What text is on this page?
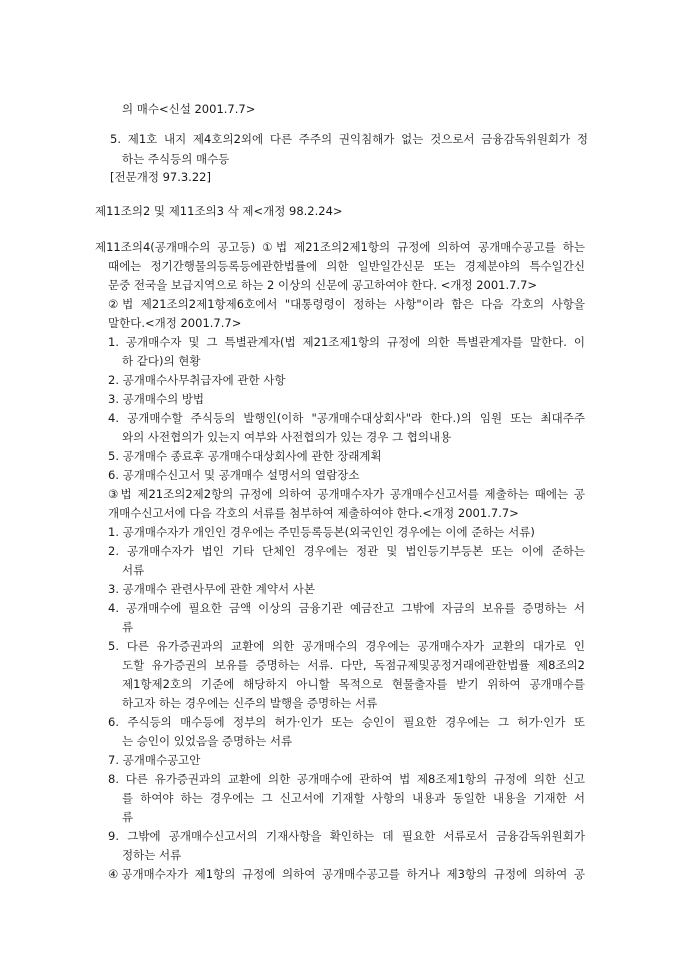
의 매수<신설 2001.7.7>
5. 제1호 내지 제4호의2외에 다른 주주의 권익침해가 없는 것으로서 금융감독위원회가 정
하는 주식등의 매수등
[전문개정 97.3.22]
제11조의2 및 제11조의3 삭 제<개정 98.2.24>
제11조의4(공개매수의 공고등) ①법 제21조의2제1항의 규정에 의하여 공개매수공고를 하는
때에는 정기간행물의등록등에관한법률에 의한 일반일간신문 또는 경제분야의 특수일간신
문중 전국을 보급지역으로 하는 2 이상의 신문에 공고하여야 한다. <개정 2001.7.7>
②법 제21조의2제1항제6호에서 "대통령령이 정하는 사항"이라 함은 다음 각호의 사항을
말한다.<개정 2001.7.7>
1. 공개매수자 및 그 특별관계자(법 제21조제1항의 규정에 의한 특별관계자를 말한다. 이
하 같다)의 현황
2. 공개매수사무취급자에 관한 사항
3. 공개매수의 방법
4. 공개매수할 주식등의 발행인(이하 "공개매수대상회사"라 한다.)의 임원 또는 최대주주
와의 사전협의가 있는지 여부와 사전협의가 있는 경우 그 협의내용
5. 공개매수 종료후 공개매수대상회사에 관한 장래계획
6. 공개매수신고서 및 공개매수 설명서의 열람장소
③법 제21조의2제2항의 규정에 의하여 공개매수자가 공개매수신고서를 제출하는 때에는 공
개매수신고서에 다음 각호의 서류를 첨부하여 제출하여야 한다.<개정 2001.7.7>
1. 공개매수자가 개인인 경우에는 주민등록등본(외국인인 경우에는 이에 준하는 서류)
2. 공개매수자가 법인 기타 단체인 경우에는 정관 및 법인등기부등본 또는 이에 준하는
서류
3. 공개매수 관련사무에 관한 계약서 사본
4. 공개매수에 필요한 금액 이상의 금융기관 예금잔고 그밖에 자금의 보유를 증명하는 서
류
5. 다른 유가증권과의 교환에 의한 공개매수의 경우에는 공개매수자가 교환의 대가로 인
도할 유가증권의 보유를 증명하는 서류. 다만, 독점규제및공정거래에관한법률 제8조의2
제1항제2호의 기준에 해당하지 아니할 목적으로 현물출자를 받기 위하여 공개매수를
하고자 하는 경우에는 신주의 발행을 증명하는 서류
6. 주식등의 매수등에 정부의 허가·인가 또는 승인이 필요한 경우에는 그 허가·인가 또
는 승인이 있었음을 증명하는 서류
7. 공개매수공고안
8. 다른 유가증권과의 교환에 의한 공개매수에 관하여 법 제8조제1항의 규정에 의한 신고
를 하여야 하는 경우에는 그 신고서에 기재할 사항의 내용과 동일한 내용을 기재한 서
류
9. 그밖에 공개매수신고서의 기재사항을 확인하는 데 필요한 서류로서 금융감독위원회가
정하는 서류
④공개매수자가 제1항의 규정에 의하여 공개매수공고를 하거나 제3항의 규정에 의하여 공
